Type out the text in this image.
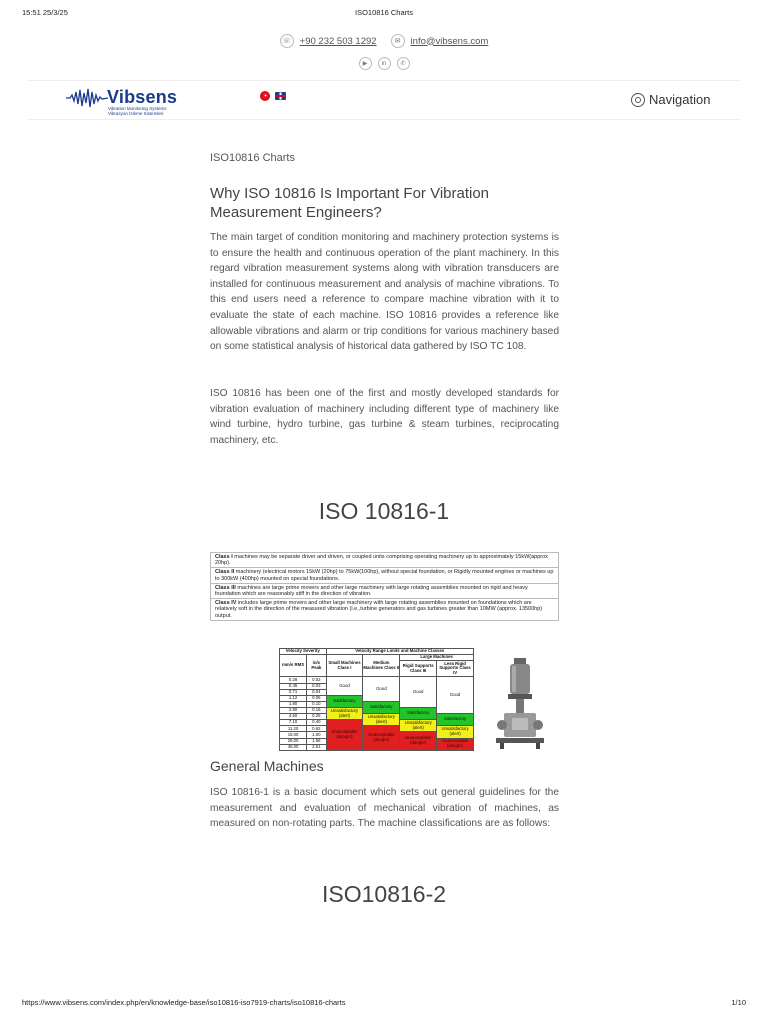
15:51 25/3/25	ISO10816 Charts
☏ +90 232 503 1292	✉	info@vibsens.com
▶	in	✆
Vibsens
Vibration Monitoring Systems
Vibrasyon İzleme Sistemleri
Navigation
ISO10816 Charts
Why ISO 10816 Is Important For Vibration Measurement Engineers?
The main target of condition monitoring and machinery protection systems is to ensure the health and continuous operation of the plant machinery. In this regard vibration measurement systems along with vibration transducers are installed for continuous measurement and analysis of machine vibrations. To this end users need a reference to compare machine vibration with it to evaluate the state of each machine. ISO 10816 provides a reference like allowable vibrations and alarm or trip conditions for various machinery based on some statistical analysis of historical data gathered by ISO TC 108.
ISO 10816 has been one of the first and mostly developed standards for vibration evaluation of machinery including different type of machinery like wind turbine, hydro turbine, gas turbine & steam turbines, reciprocating machinery, etc.
ISO 10816-1
Class I machines may be separate driver and driven, or coupled units comprising operating machinery up to approximately 15kW(approx 20hp).
Class II machinery (electrical motors 15kW (20hp) to 75kW(100hp), without special foundation, or Rigidly mounted engines or machines up to 300kW (400hp) mounted on special foundations.
Class III machines are large prime movers and other large machinery with large rotating assemblies mounted on rigid and heavy foundation which are reasonably stiff in the direction of vibration.
Class IV includes large prime movers and other large machinery with large rotating assemblies mounted on foundations which are relatively soft in the direction of the measured vibration (i.e.,turbine generators and gas turbines greater than 10MW (approx. 13500hp) output.
Velocity Severity		Velocity Range Limits and Machine Classes			
mm/s RMS	in/s Peak	Small Machines Class I	Medium Machines Class II	Large Machines	
				Rigid Supports Class III	Less Rigid Supports Class IV
0.28	0.02	Good	Good	Good	Good
0.45	0.03				
0.71	0.04				
1.12	0.06	Satisfactory			
1.80	0.10		Satisfactory		
2.80	0.16	Unsatisfactory (alert)		Satisfactory	
4.50	0.25		Unsatisfactory (alert)		Satisfactory
7.10	0.40	Unacceptable (danger)		Unsatisfactory (alert)	
11.20	0.62		Unacceptable (danger)		Unsatisfactory (alert)
18.00	1.00			Unacceptable (danger)	
28.00	1.56				Unacceptable (danger)
45.00	2.51				
General Machines
ISO 10816-1 is a basic document which sets out general guidelines for the measurement and evaluation of mechanical vibration of machines, as measured on non-rotating parts. The machine classifications are as follows:
ISO10816-2
https://www.vibsens.com/index.php/en/knowledge-base/iso10816-iso7919-charts/iso10816-charts	1/10
